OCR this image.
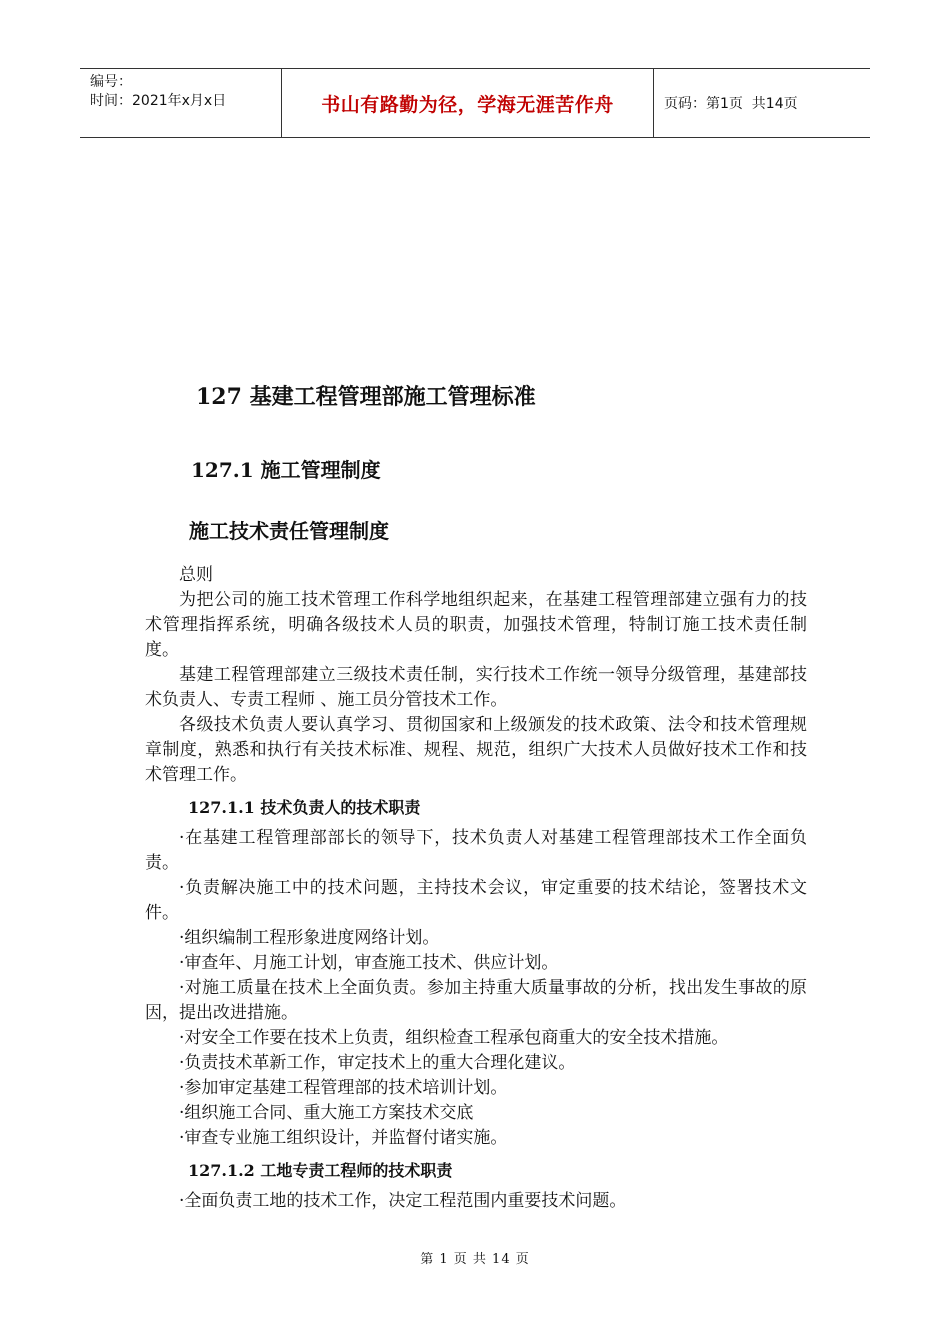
编号：
时间：2021年x月x日	书山有路勤为径，学海无涯苦作舟	页码：第1页  共14页
127 基建工程管理部施工管理标准
127.1 施工管理制度
施工技术责任管理制度

总则

为把公司的施工技术管理工作科学地组织起来，在基建工程管理部建立强有力的技术管理指挥系统，明确各级技术人员的职责，加强技术管理，特制订施工技术责任制度。

基建工程管理部建立三级技术责任制，实行技术工作统一领导分级管理，基建部技术负责人、专责工程师 、施工员分管技术工作。

各级技术负责人要认真学习、贯彻国家和上级颁发的技术政策、法令和技术管理规章制度，熟悉和执行有关技术标准、规程、规范，组织广大技术人员做好技术工作和技术管理工作。

127.1.1 技术负责人的技术职责

·在基建工程管理部部长的领导下，技术负责人对基建工程管理部技术工作全面负责。

·负责解决施工中的技术问题，主持技术会议，审定重要的技术结论，签署技术文件。

·组织编制工程形象进度网络计划。

·审查年、月施工计划，审查施工技术、供应计划。

·对施工质量在技术上全面负责。参加主持重大质量事故的分析，找出发生事故的原因，提出改进措施。

·对安全工作要在技术上负责，组织检查工程承包商重大的安全技术措施。

·负责技术革新工作，审定技术上的重大合理化建议。

·参加审定基建工程管理部的技术培训计划。

·组织施工合同、重大施工方案技术交底

·审查专业施工组织设计，并监督付诸实施。

127.1.2 工地专责工程师的技术职责

·全面负责工地的技术工作，决定工程范围内重要技术问题。

第 1 页 共 14 页
